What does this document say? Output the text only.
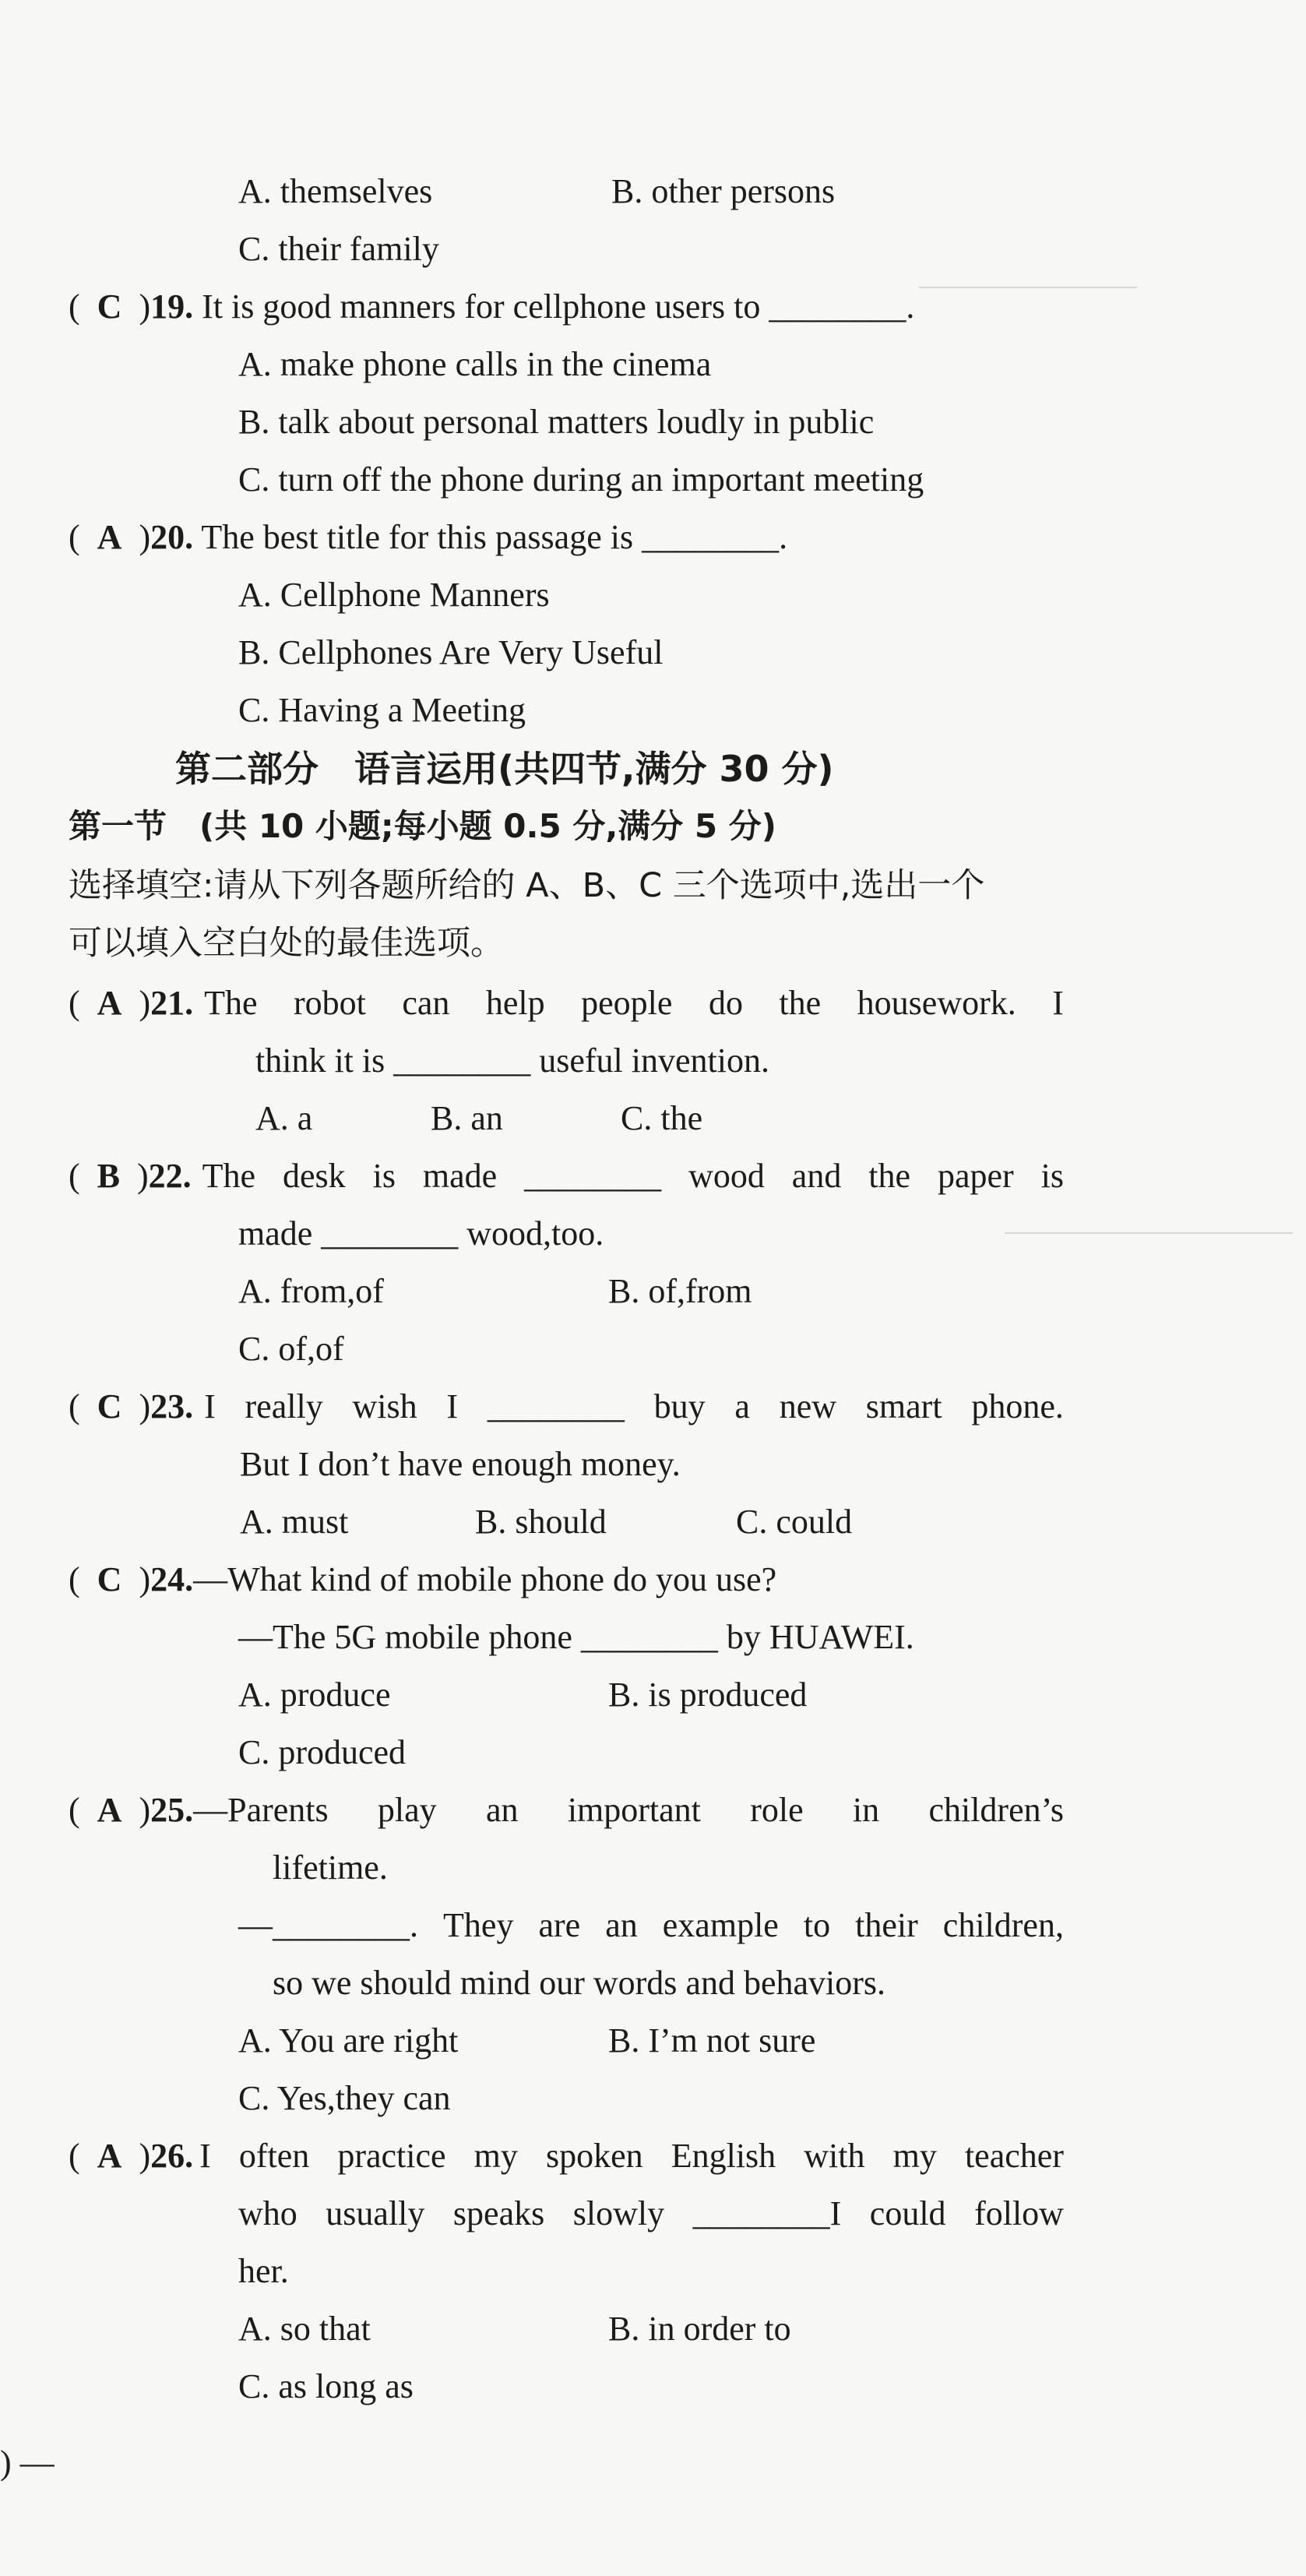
A. themselves	B. other persons
C. their family
(  C  )19. It is good manners for cellphone users to ________.
A. make phone calls in the cinema
B. talk about personal matters loudly in public
C. turn off the phone during an important meeting
(  A  )20. The best title for this passage is ________.
A. Cellphone Manners
B. Cellphones Are Very Useful
C. Having a Meeting
第二部分　语言运用(共四节,满分 30 分)
第一节　(共 10 小题;每小题 0.5 分,满分 5 分)
选择填空:请从下列各题所给的 A、B、C 三个选项中,选出一个
可以填入空白处的最佳选项。
(  A  )21. The robot can help people do the housework. I
think it is ________ useful invention.
A. a	B. an	C. the
(  B  )22. The desk is made ________ wood and the paper is
made ________ wood,too.
A. from,of	B. of,from
C. of,of
(  C  )23. I really wish I ________ buy a new smart phone.
But I don’t have enough money.
A. must	B. should	C. could
(  C  )24.—What kind of mobile phone do you use?
—The 5G mobile phone ________ by HUAWEI.
A. produce	B. is produced
C. produced
(  A  )25. —Parents play an important role in children’s
lifetime.
—________. They are an example to their children,
so we should mind our words and behaviors.
A. You are right	B. I’m not sure
C. Yes,they can
(  A  )26. I often practice my spoken English with my teacher
who usually speaks slowly ________I could follow
her.
A. so that	B. in order to
C. as long as
) —
